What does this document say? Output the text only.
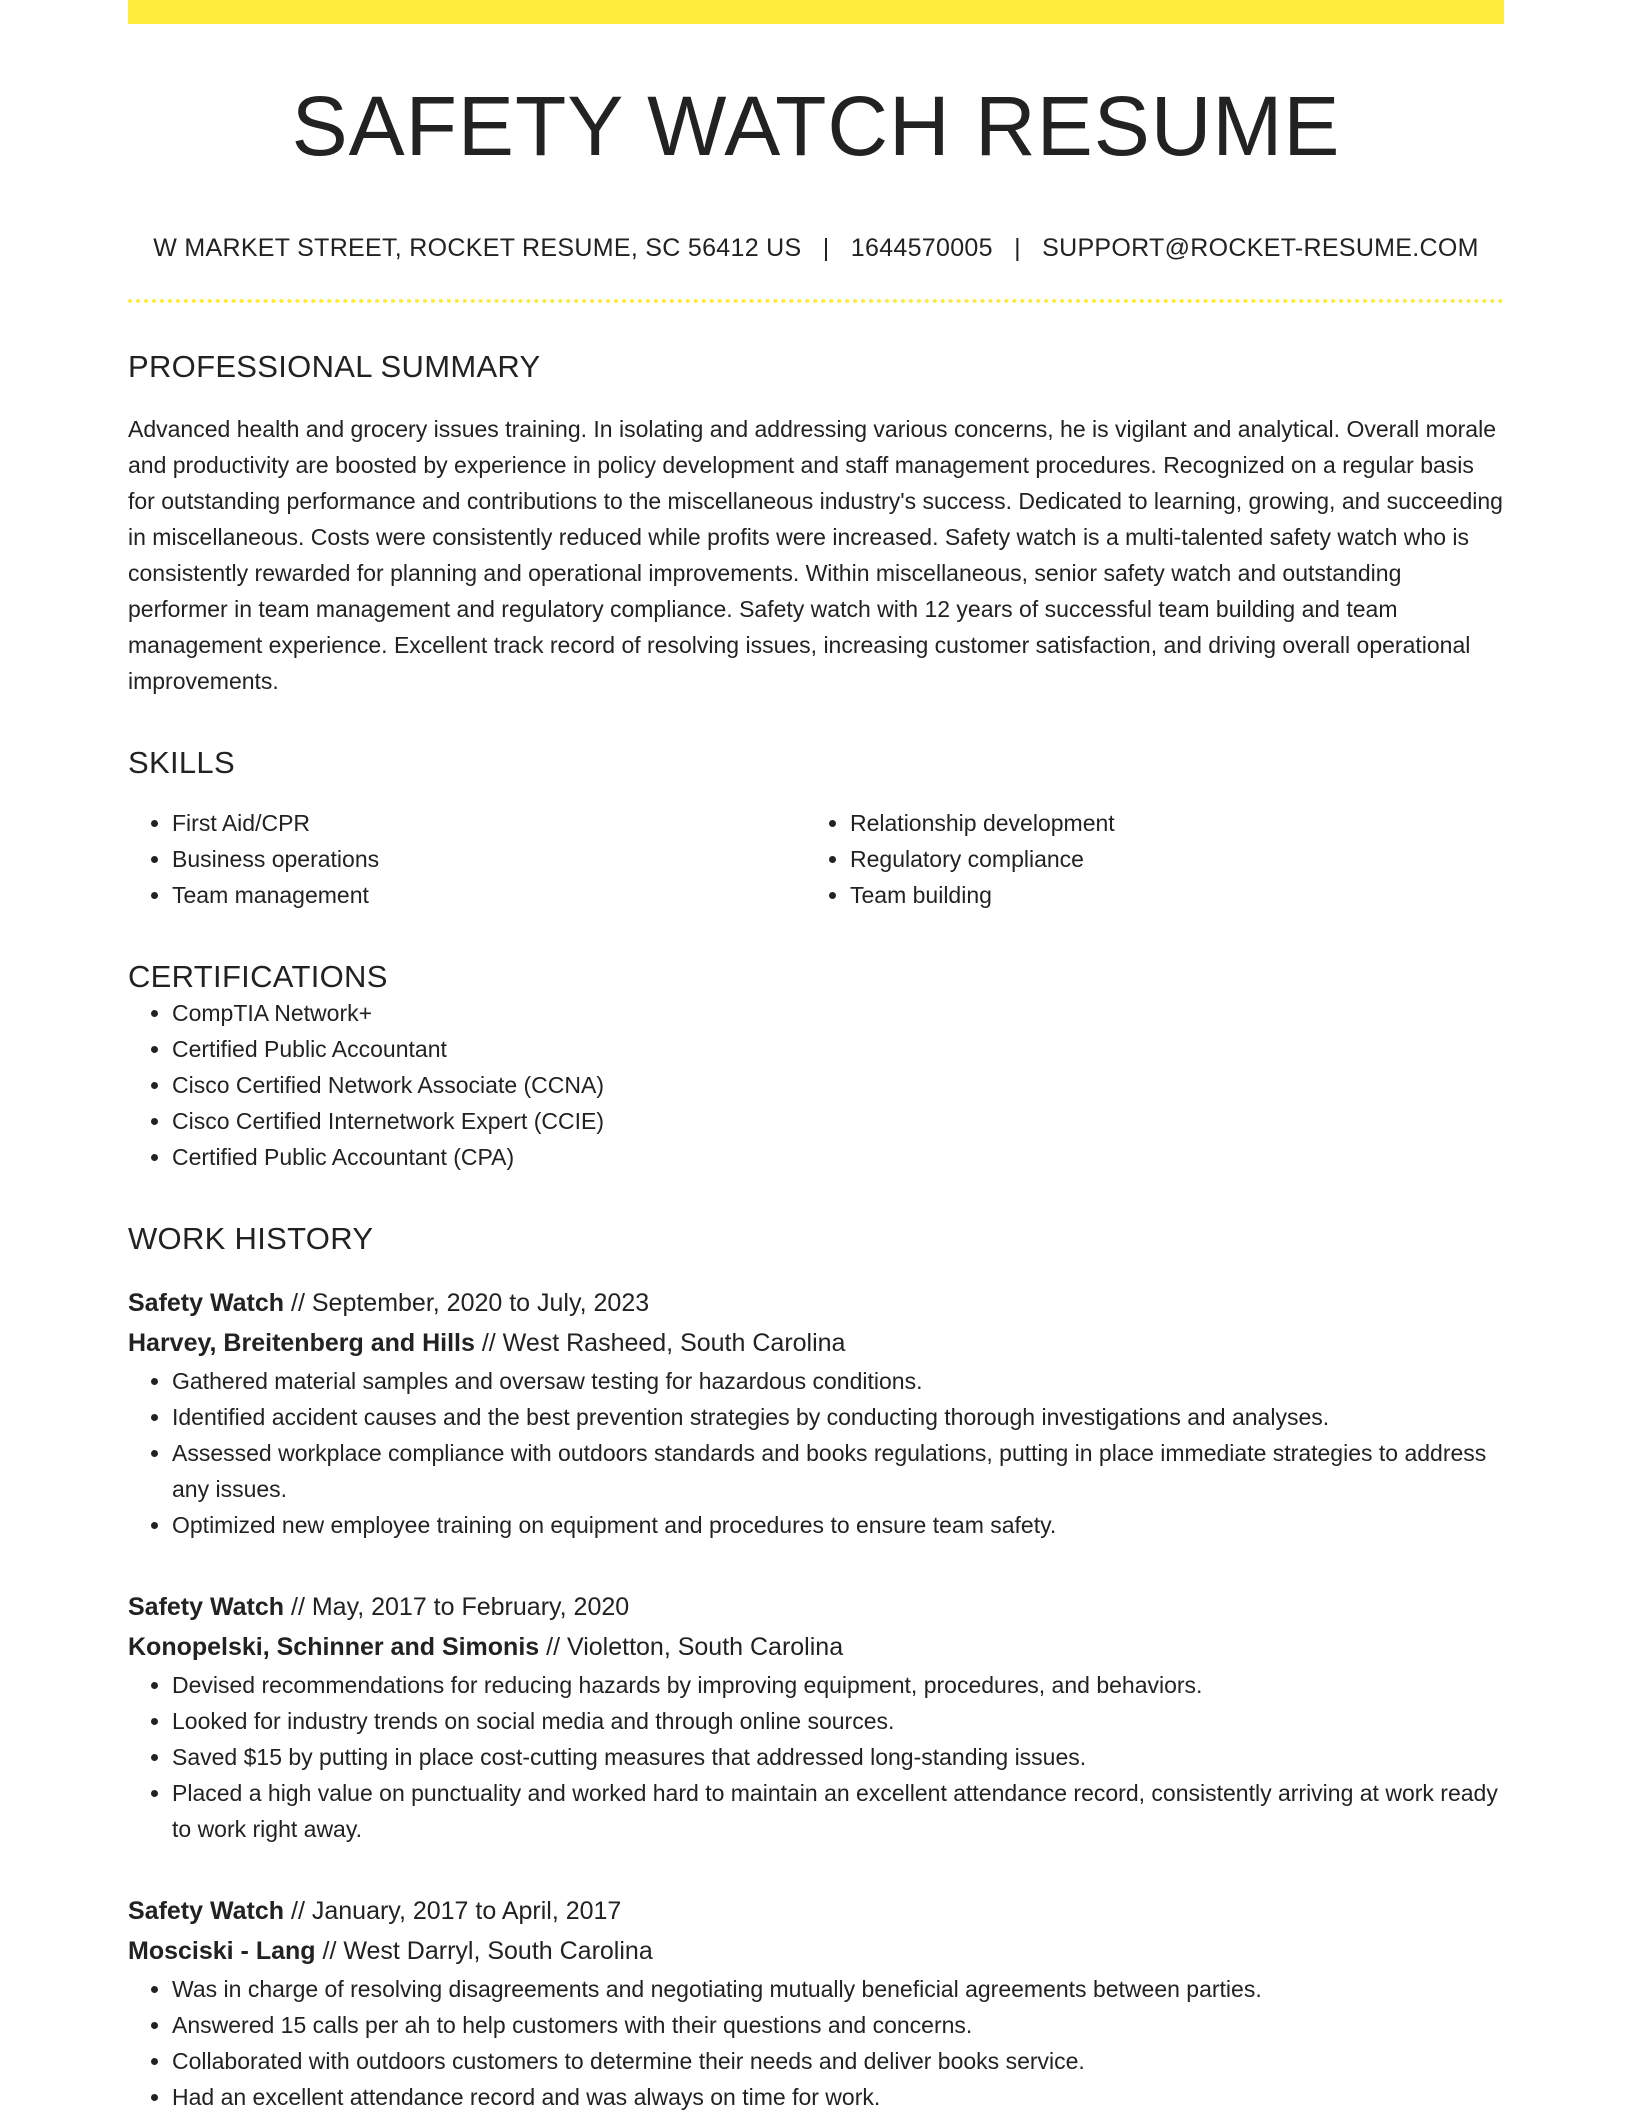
SAFETY WATCH RESUME
W MARKET STREET, ROCKET RESUME, SC 56412 US | 1644570005 | SUPPORT@ROCKET-RESUME.COM
PROFESSIONAL SUMMARY

Advanced health and grocery issues training. In isolating and addressing various concerns, he is vigilant and analytical. Overall morale and productivity are boosted by experience in policy development and staff management procedures. Recognized on a regular basis for outstanding performance and contributions to the miscellaneous industry's success. Dedicated to learning, growing, and succeeding in miscellaneous. Costs were consistently reduced while profits were increased. Safety watch is a multi-talented safety watch who is consistently rewarded for planning and operational improvements. Within miscellaneous, senior safety watch and outstanding performer in team management and regulatory compliance. Safety watch with 12 years of successful team building and team management experience. Excellent track record of resolving issues, increasing customer satisfaction, and driving overall operational improvements.

SKILLS
• First Aid/CPR
• Business operations
• Team management
• Relationship development
• Regulatory compliance
• Team building
CERTIFICATIONS
• CompTIA Network+
• Certified Public Accountant
• Cisco Certified Network Associate (CCNA)
• Cisco Certified Internetwork Expert (CCIE)
• Certified Public Accountant (CPA)
WORK HISTORY
Safety Watch // September, 2020 to July, 2023
Harvey, Breitenberg and Hills // West Rasheed, South Carolina
• Gathered material samples and oversaw testing for hazardous conditions.
• Identified accident causes and the best prevention strategies by conducting thorough investigations and analyses.
• Assessed workplace compliance with outdoors standards and books regulations, putting in place immediate strategies to address any issues.
• Optimized new employee training on equipment and procedures to ensure team safety.
Safety Watch // May, 2017 to February, 2020
Konopelski, Schinner and Simonis // Violetton, South Carolina
• Devised recommendations for reducing hazards by improving equipment, procedures, and behaviors.
• Looked for industry trends on social media and through online sources.
• Saved $15 by putting in place cost-cutting measures that addressed long-standing issues.
• Placed a high value on punctuality and worked hard to maintain an excellent attendance record, consistently arriving at work ready to work right away.
Safety Watch // January, 2017 to April, 2017
Mosciski - Lang // West Darryl, South Carolina
• Was in charge of resolving disagreements and negotiating mutually beneficial agreements between parties.
• Answered 15 calls per ah to help customers with their questions and concerns.
• Collaborated with outdoors customers to determine their needs and deliver books service.
• Had an excellent attendance record and was always on time for work.
